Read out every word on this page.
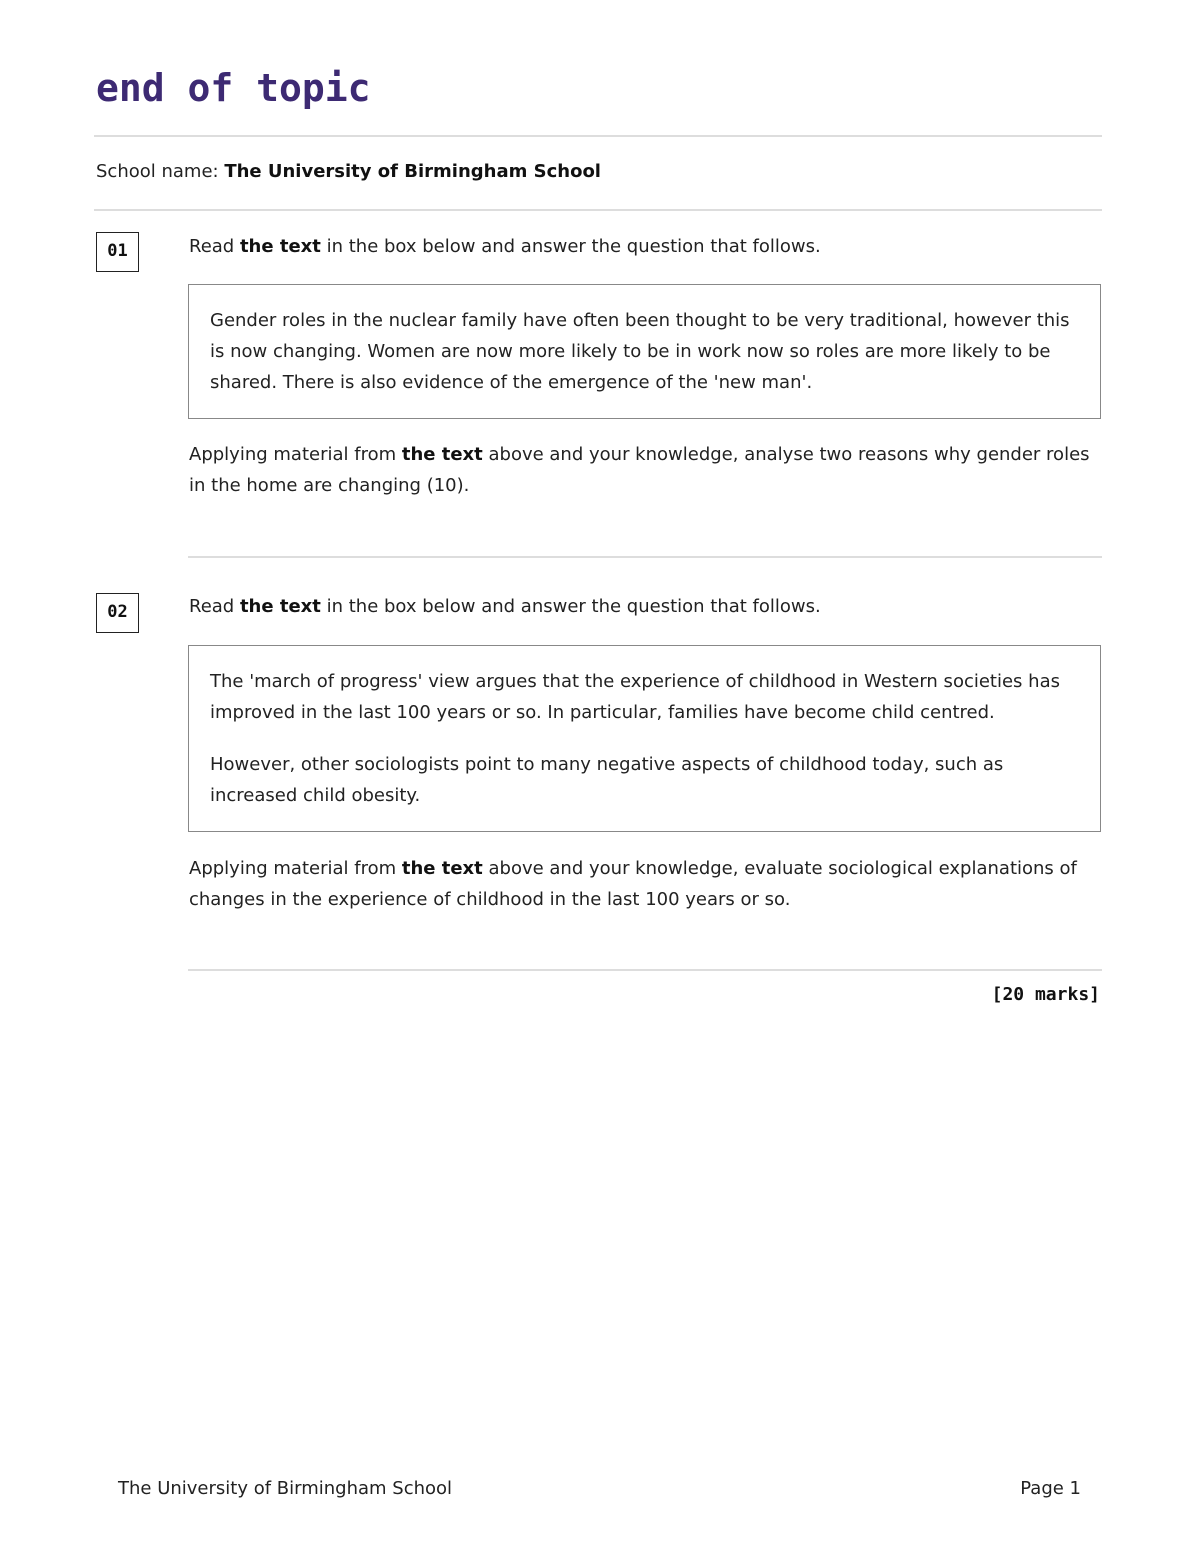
end of topic
School name: The University of Birmingham School
01	Read the text in the box below and answer the question that follows.

Gender roles in the nuclear family have often been thought to be very traditional, however this is now changing. Women are now more likely to be in work now so roles are more likely to be shared. There is also evidence of the emergence of the 'new man'.

Applying material from the text above and your knowledge, analyse two reasons why gender roles in the home are changing (10).
02	Read the text in the box below and answer the question that follows.

The 'march of progress' view argues that the experience of childhood in Western societies has improved in the last 100 years or so. In particular, families have become child centred.

However, other sociologists point to many negative aspects of childhood today, such as increased child obesity.

Applying material from the text above and your knowledge, evaluate sociological explanations of changes in the experience of childhood in the last 100 years or so.
[20 marks]
The University of Birmingham School	Page 1
